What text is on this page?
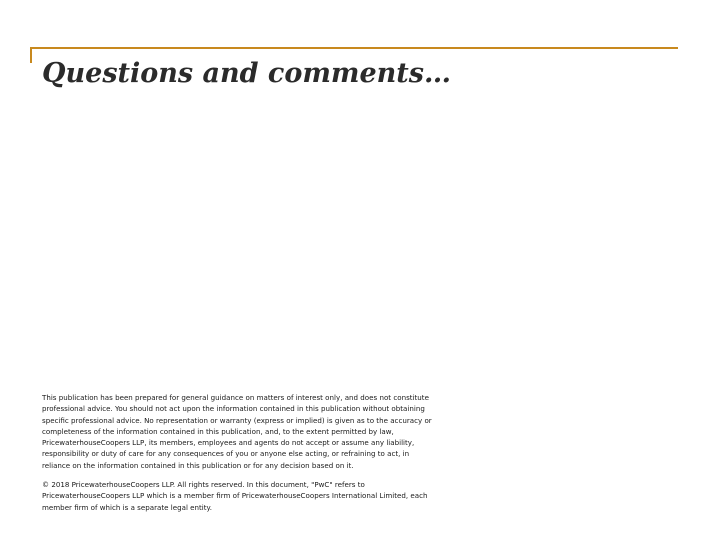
Questions and comments…

This publication has been prepared for general guidance on matters of interest only, and does not constitute professional advice. You should not act upon the information contained in this publication without obtaining specific professional advice. No representation or warranty (express or implied) is given as to the accuracy or completeness of the information contained in this publication, and, to the extent permitted by law, PricewaterhouseCoopers LLP, its members, employees and agents do not accept or assume any liability, responsibility or duty of care for any consequences of you or anyone else acting, or refraining to act, in reliance on the information contained in this publication or for any decision based on it.

© 2018 PricewaterhouseCoopers LLP. All rights reserved. In this document, "PwC" refers to PricewaterhouseCoopers LLP which is a member firm of PricewaterhouseCoopers International Limited, each member firm of which is a separate legal entity.
